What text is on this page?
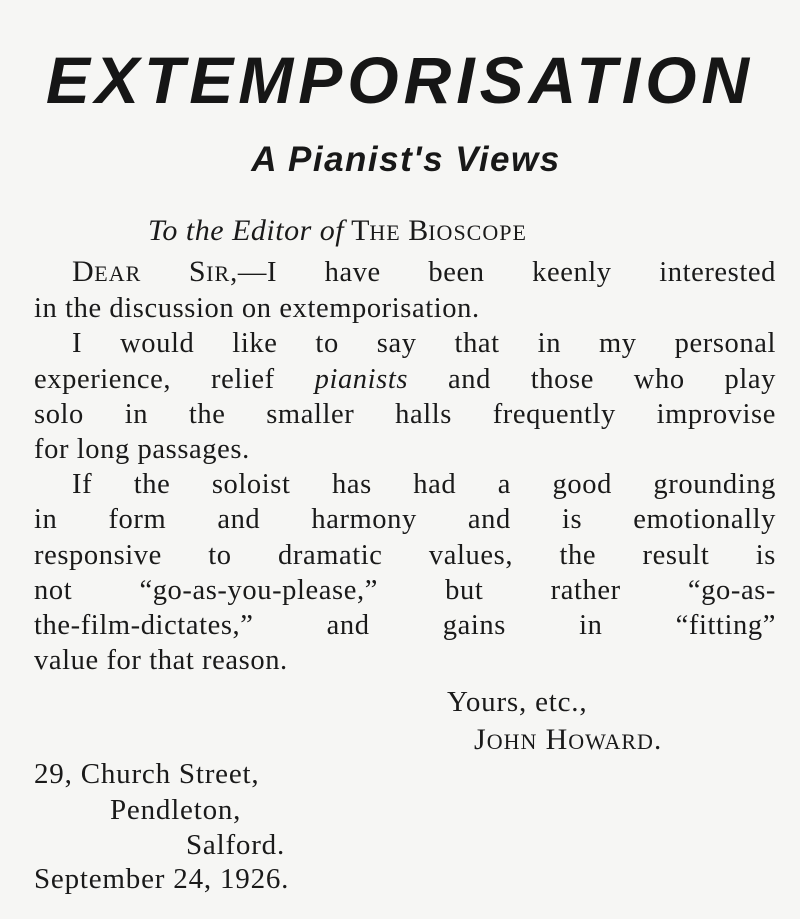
EXTEMPORISATION
A Pianist's Views
To the Editor of THE BIOSCOPE
DEAR SIR,—I have been keenly interested
in the discussion on extemporisation.
I would like to say that in my personal
experience, relief pianists and those who play
solo in the smaller halls frequently improvise
for long passages.
If the soloist has had a good grounding
in form and harmony and is emotionally
responsive to dramatic values, the result is
not “go-as-you-please,” but rather “go-as-
the-film-dictates,” and gains in “fitting”
value for that reason.
Yours, etc.,
JOHN HOWARD.
29, Church Street,
Pendleton,
Salford.
September 24, 1926.
